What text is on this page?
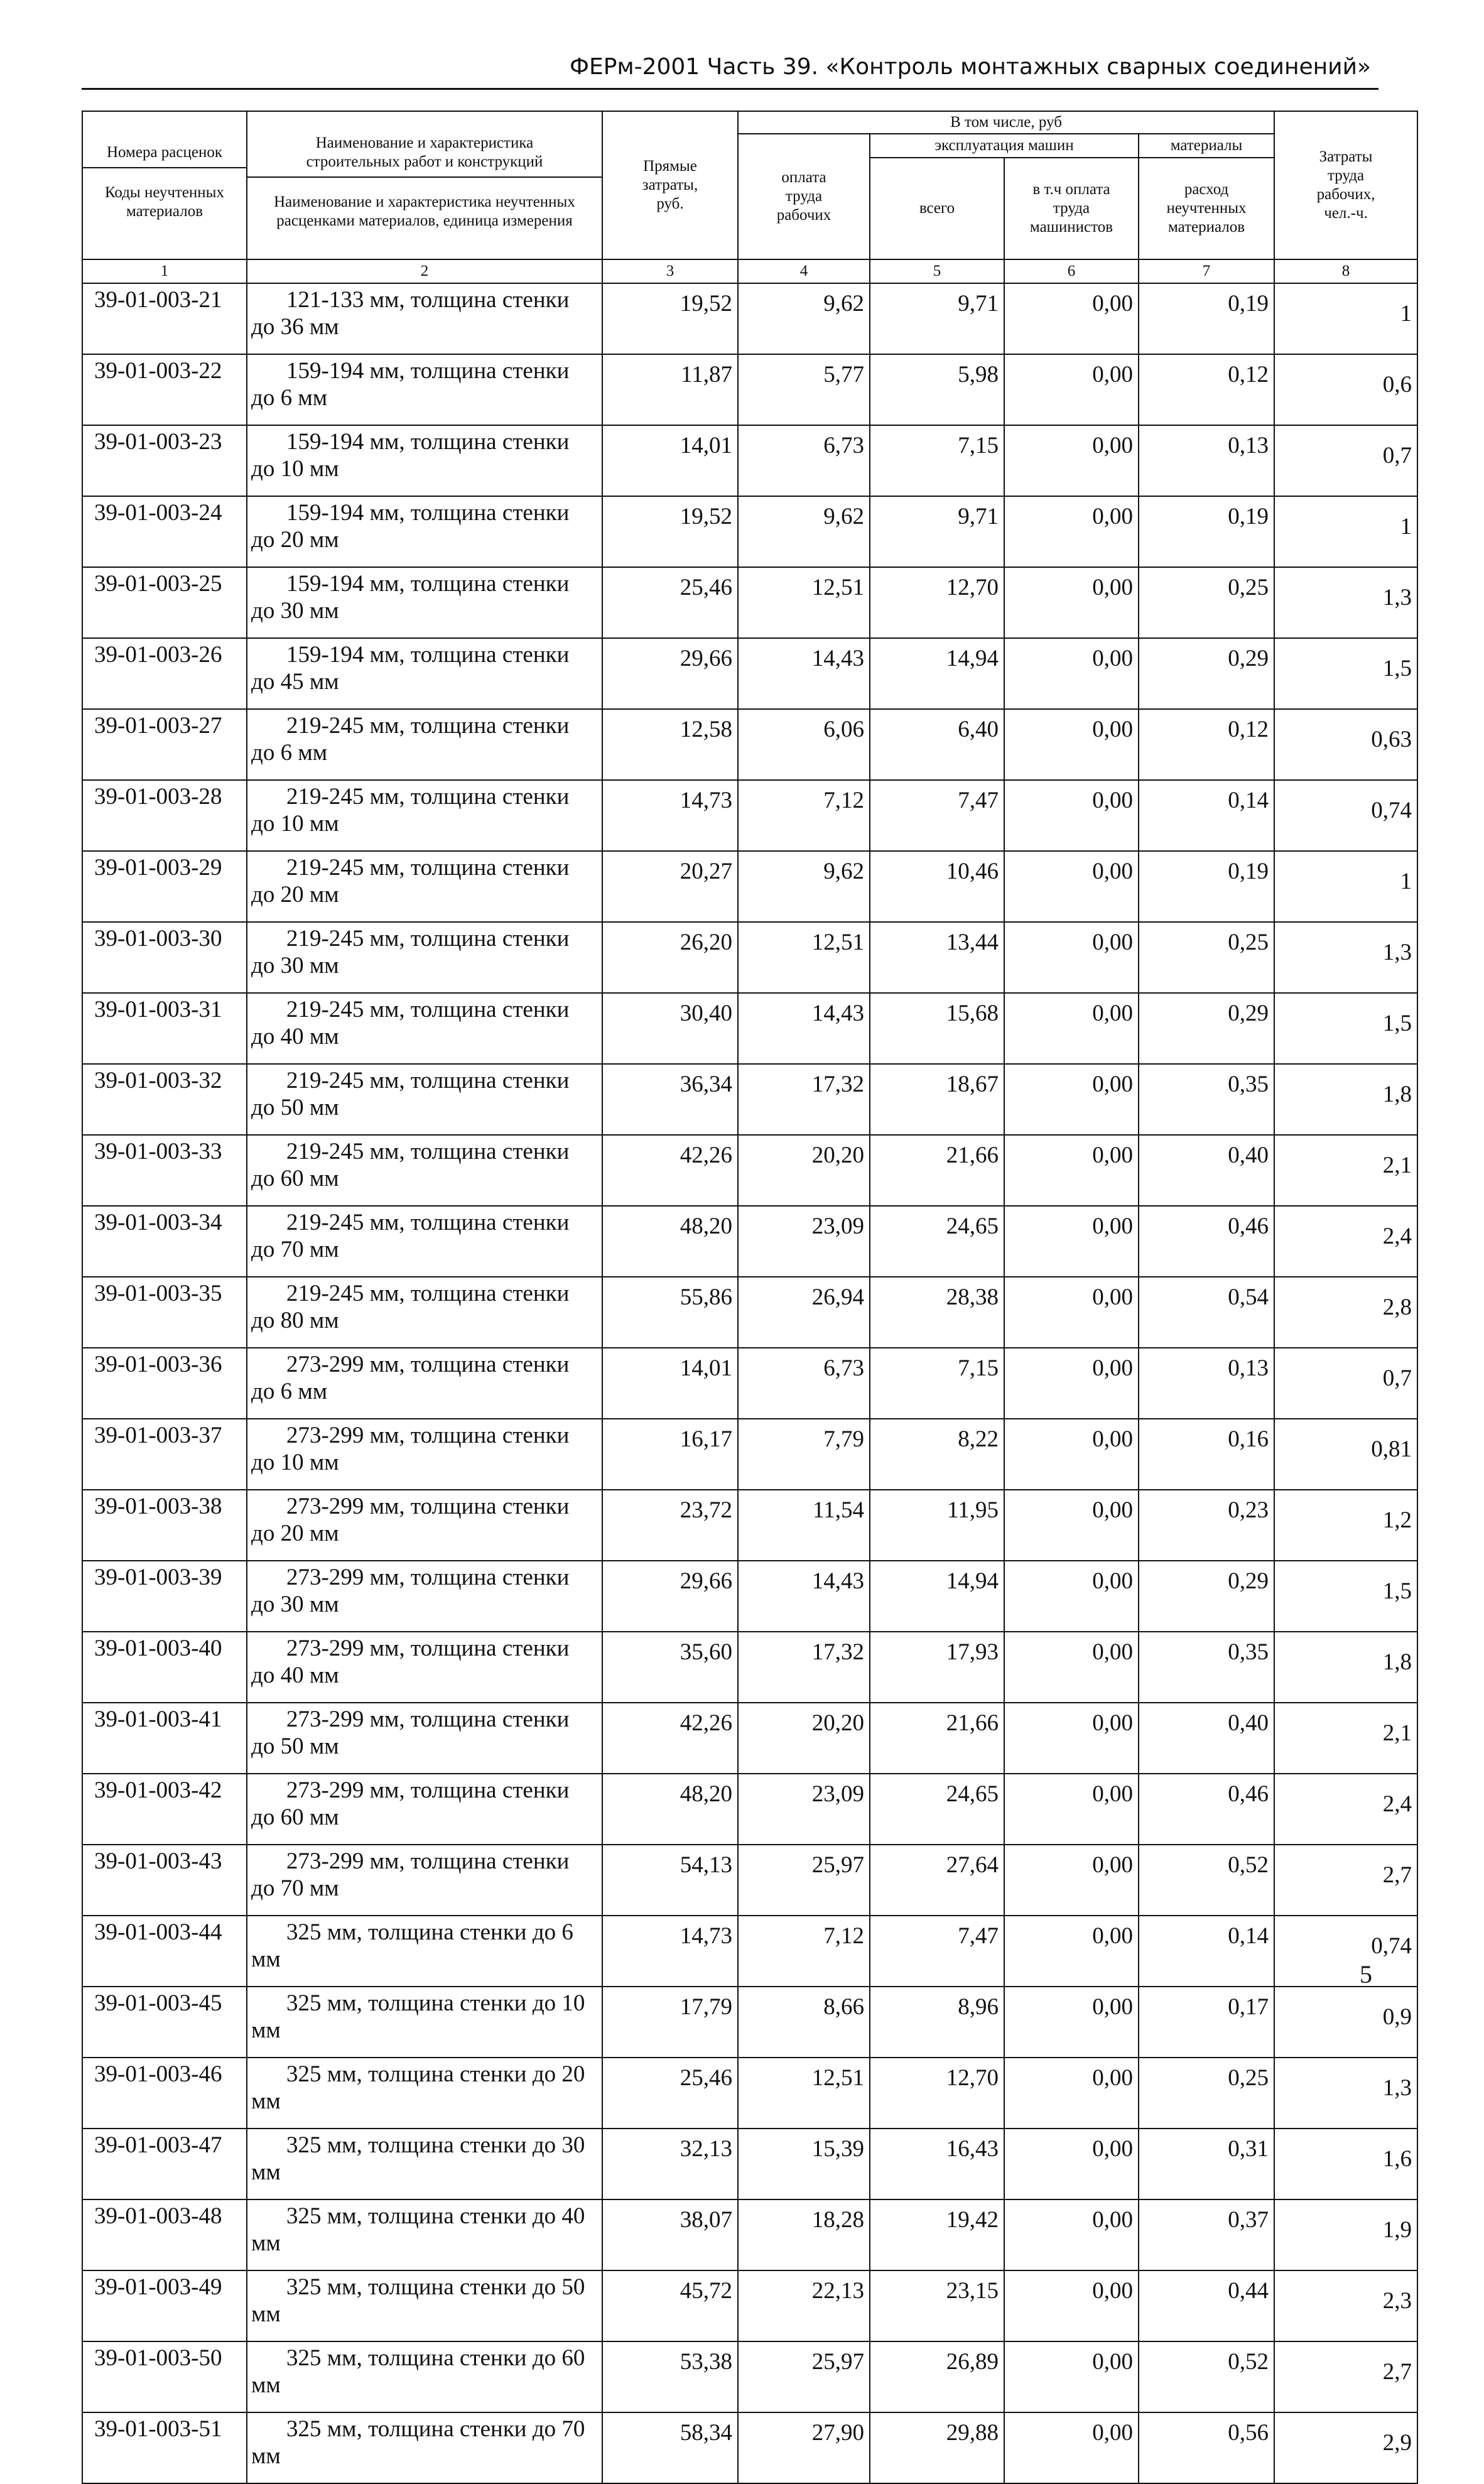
ФЕРм-2001 Часть 39. «Контроль монтажных сварных соединений»
Номера расценок
Коды неучтенных материалов	Наименование и характеристика строительных работ и конструкций
Наименование и характеристика неучтенных расценками материалов, единица измерения	Прямые затраты, руб.	В том числе, руб				Затраты труда рабочих, чел.-ч.
			оплата труда рабочих	эксплуатация машин		материалы	
				всего	в т.ч оплата труда машинистов	расход неучтенных материалов	
1	2	3	4	5	6	7	8
39-01-003-21	121-133 мм, толщина стенки
до 36 мм	19,52	9,62	9,71	0,00	0,19	1
39-01-003-22	159-194 мм, толщина стенки
до 6 мм	11,87	5,77	5,98	0,00	0,12	0,6
39-01-003-23	159-194 мм, толщина стенки
до 10 мм	14,01	6,73	7,15	0,00	0,13	0,7
39-01-003-24	159-194 мм, толщина стенки
до 20 мм	19,52	9,62	9,71	0,00	0,19	1
39-01-003-25	159-194 мм, толщина стенки
до 30 мм	25,46	12,51	12,70	0,00	0,25	1,3
39-01-003-26	159-194 мм, толщина стенки
до 45 мм	29,66	14,43	14,94	0,00	0,29	1,5
39-01-003-27	219-245 мм, толщина стенки
до 6 мм	12,58	6,06	6,40	0,00	0,12	0,63
39-01-003-28	219-245 мм, толщина стенки
до 10 мм	14,73	7,12	7,47	0,00	0,14	0,74
39-01-003-29	219-245 мм, толщина стенки
до 20 мм	20,27	9,62	10,46	0,00	0,19	1
39-01-003-30	219-245 мм, толщина стенки
до 30 мм	26,20	12,51	13,44	0,00	0,25	1,3
39-01-003-31	219-245 мм, толщина стенки
до 40 мм	30,40	14,43	15,68	0,00	0,29	1,5
39-01-003-32	219-245 мм, толщина стенки
до 50 мм	36,34	17,32	18,67	0,00	0,35	1,8
39-01-003-33	219-245 мм, толщина стенки
до 60 мм	42,26	20,20	21,66	0,00	0,40	2,1
39-01-003-34	219-245 мм, толщина стенки
до 70 мм	48,20	23,09	24,65	0,00	0,46	2,4
39-01-003-35	219-245 мм, толщина стенки
до 80 мм	55,86	26,94	28,38	0,00	0,54	2,8
39-01-003-36	273-299 мм, толщина стенки
до 6 мм	14,01	6,73	7,15	0,00	0,13	0,7
39-01-003-37	273-299 мм, толщина стенки
до 10 мм	16,17	7,79	8,22	0,00	0,16	0,81
39-01-003-38	273-299 мм, толщина стенки
до 20 мм	23,72	11,54	11,95	0,00	0,23	1,2
39-01-003-39	273-299 мм, толщина стенки
до 30 мм	29,66	14,43	14,94	0,00	0,29	1,5
39-01-003-40	273-299 мм, толщина стенки
до 40 мм	35,60	17,32	17,93	0,00	0,35	1,8
39-01-003-41	273-299 мм, толщина стенки
до 50 мм	42,26	20,20	21,66	0,00	0,40	2,1
39-01-003-42	273-299 мм, толщина стенки
до 60 мм	48,20	23,09	24,65	0,00	0,46	2,4
39-01-003-43	273-299 мм, толщина стенки
до 70 мм	54,13	25,97	27,64	0,00	0,52	2,7
39-01-003-44	325 мм, толщина стенки до 6
мм	14,73	7,12	7,47	0,00	0,14	0,74
39-01-003-45	325 мм, толщина стенки до 10
мм	17,79	8,66	8,96	0,00	0,17	0,9
39-01-003-46	325 мм, толщина стенки до 20
мм	25,46	12,51	12,70	0,00	0,25	1,3
39-01-003-47	325 мм, толщина стенки до 30
мм	32,13	15,39	16,43	0,00	0,31	1,6
39-01-003-48	325 мм, толщина стенки до 40
мм	38,07	18,28	19,42	0,00	0,37	1,9
39-01-003-49	325 мм, толщина стенки до 50
мм	45,72	22,13	23,15	0,00	0,44	2,3
39-01-003-50	325 мм, толщина стенки до 60
мм	53,38	25,97	26,89	0,00	0,52	2,7
39-01-003-51	325 мм, толщина стенки до 70
мм	58,34	27,90	29,88	0,00	0,56	2,9
5
